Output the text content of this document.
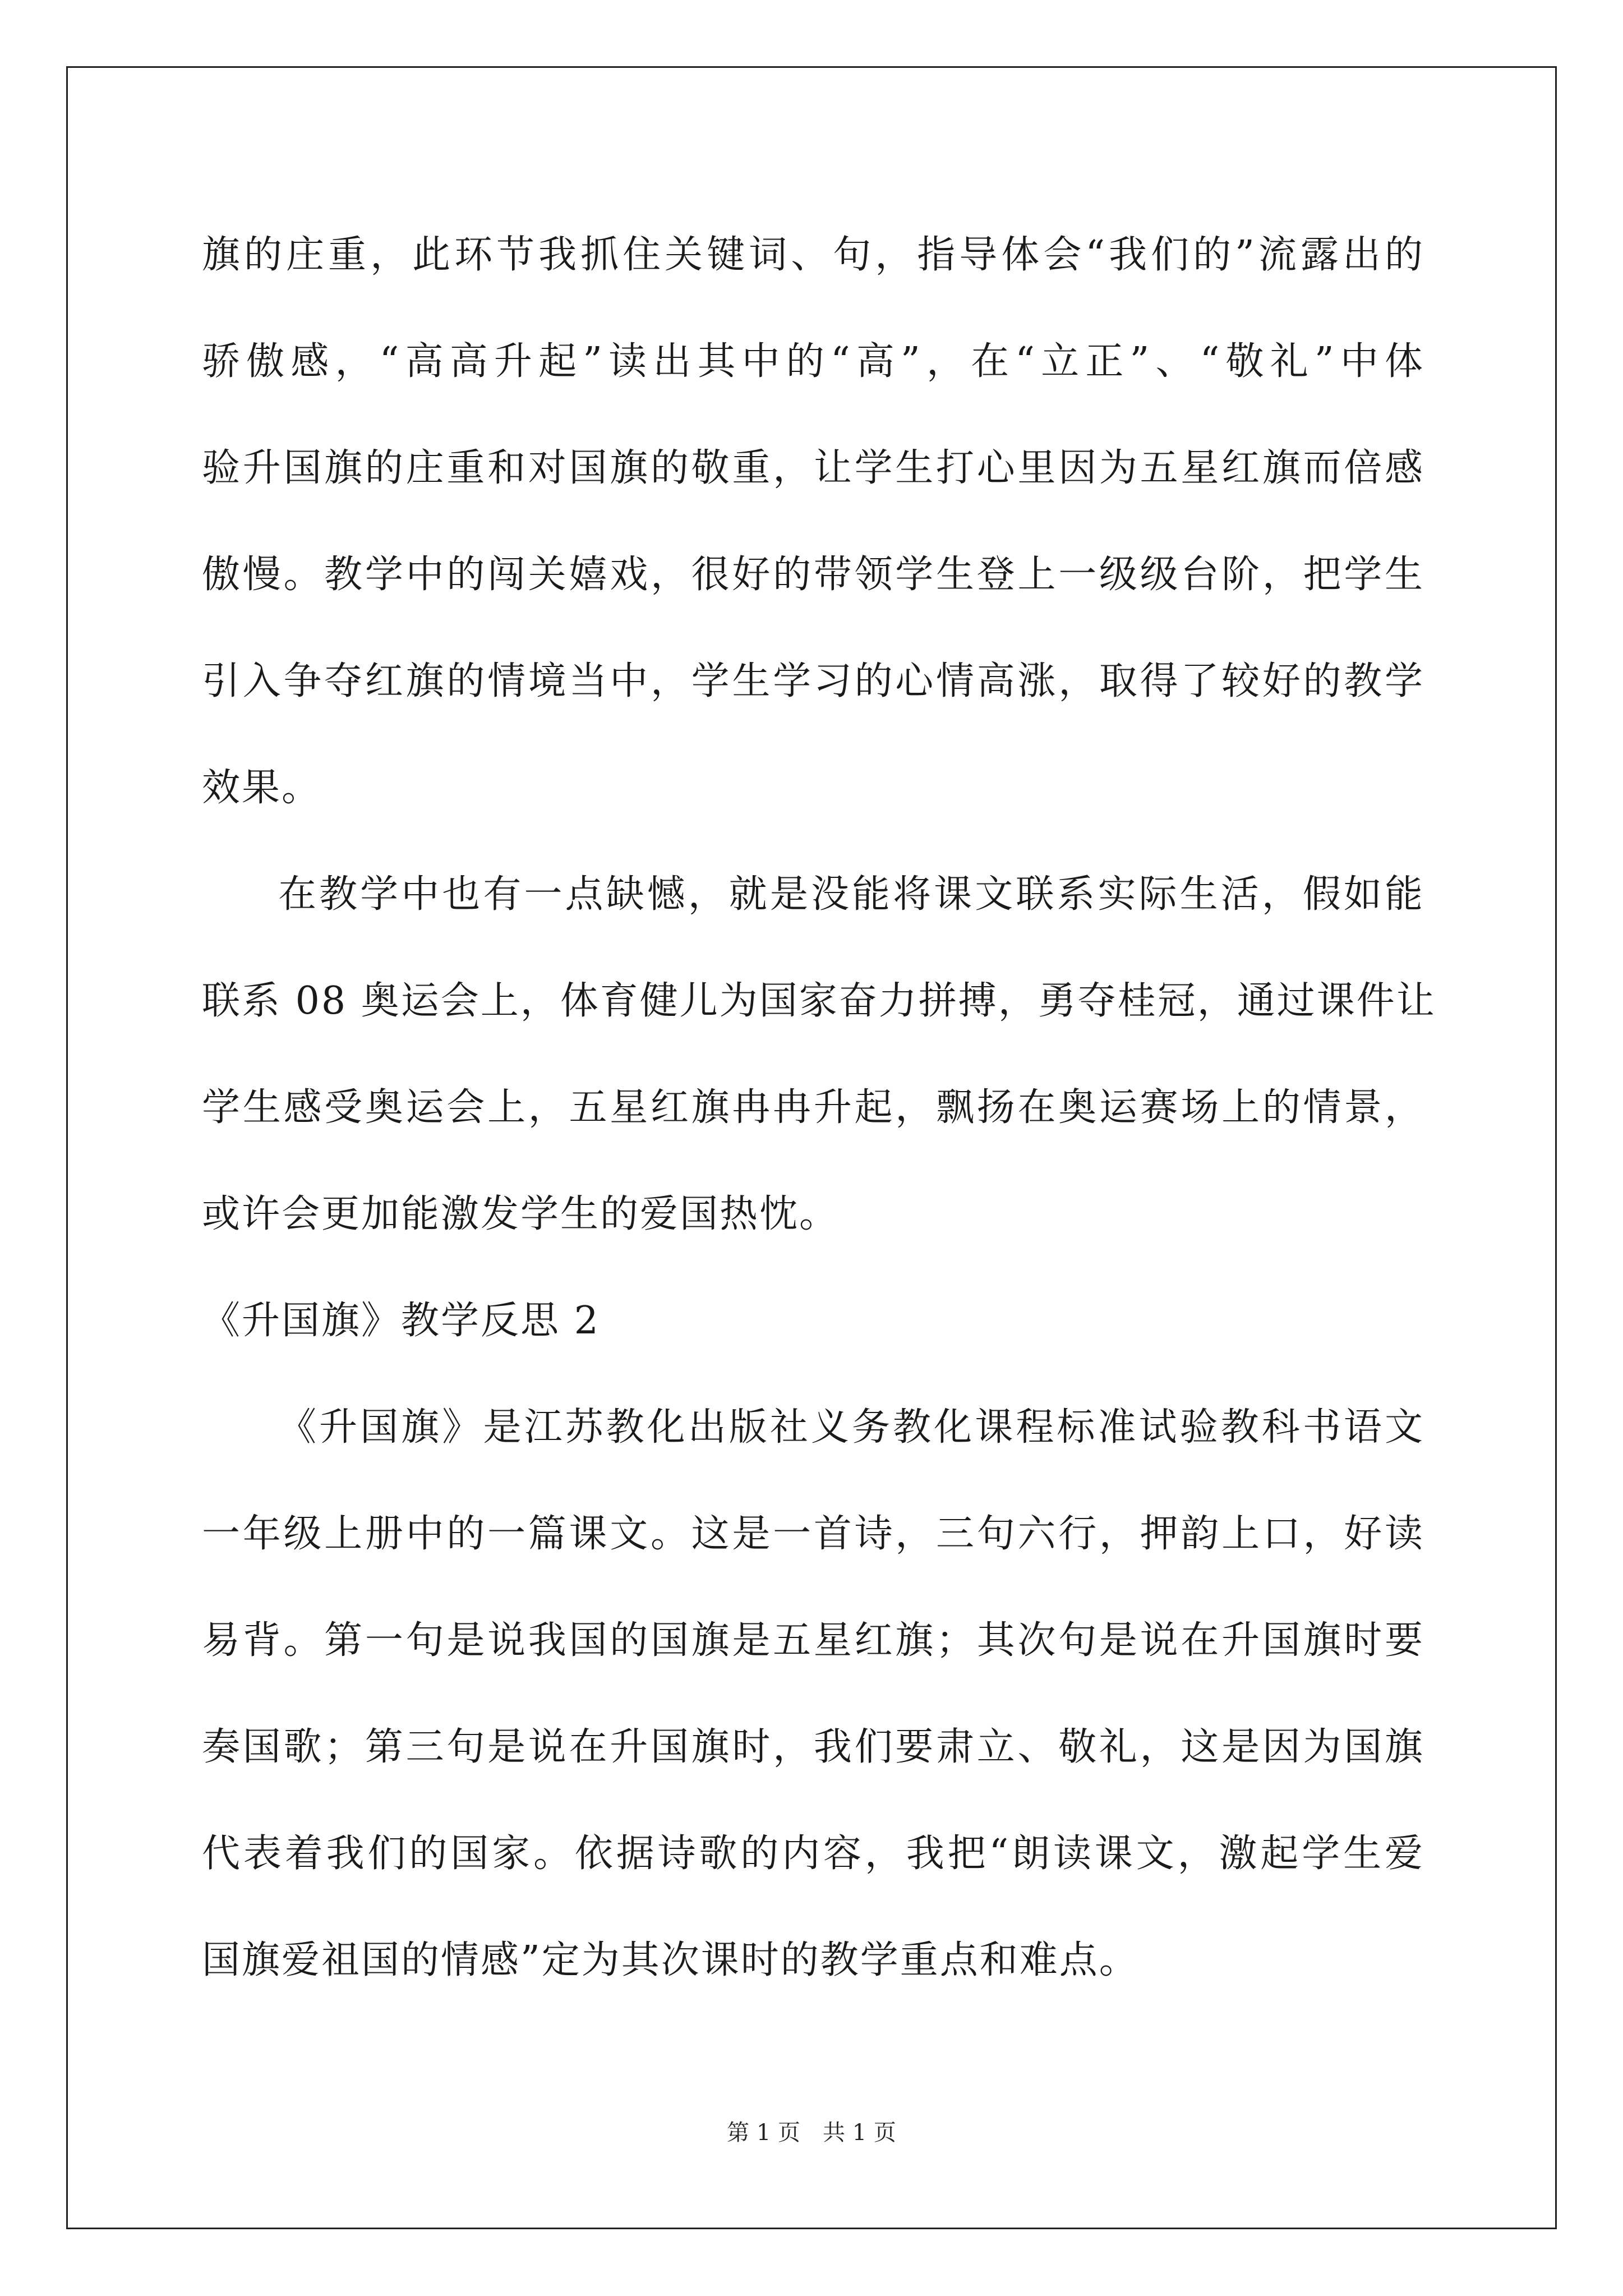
旗的庄重，此环节我抓住关键词、句，指导体会“我们的”流露出的
骄傲感，“高高升起”读出其中的“高”，在“立正”、“敬礼”中体
验升国旗的庄重和对国旗的敬重，让学生打心里因为五星红旗而倍感
傲慢。教学中的闯关嬉戏，很好的带领学生登上一级级台阶，把学生
引入争夺红旗的情境当中，学生学习的心情高涨，取得了较好的教学
效果。
在教学中也有一点缺憾，就是没能将课文联系实际生活，假如能
联系 08 奥运会上，体育健儿为国家奋力拼搏，勇夺桂冠，通过课件让
学生感受奥运会上，五星红旗冉冉升起，飘扬在奥运赛场上的情景，
或许会更加能激发学生的爱国热忱。
《升国旗》教学反思 2
《升国旗》是江苏教化出版社义务教化课程标准试验教科书语文
一年级上册中的一篇课文。这是一首诗，三句六行，押韵上口，好读
易背。第一句是说我国的国旗是五星红旗；其次句是说在升国旗时要
奏国歌；第三句是说在升国旗时，我们要肃立、敬礼，这是因为国旗
代表着我们的国家。依据诗歌的内容，我把“朗读课文，激起学生爱
国旗爱祖国的情感”定为其次课时的教学重点和难点。
第 1 页 共 1 页
